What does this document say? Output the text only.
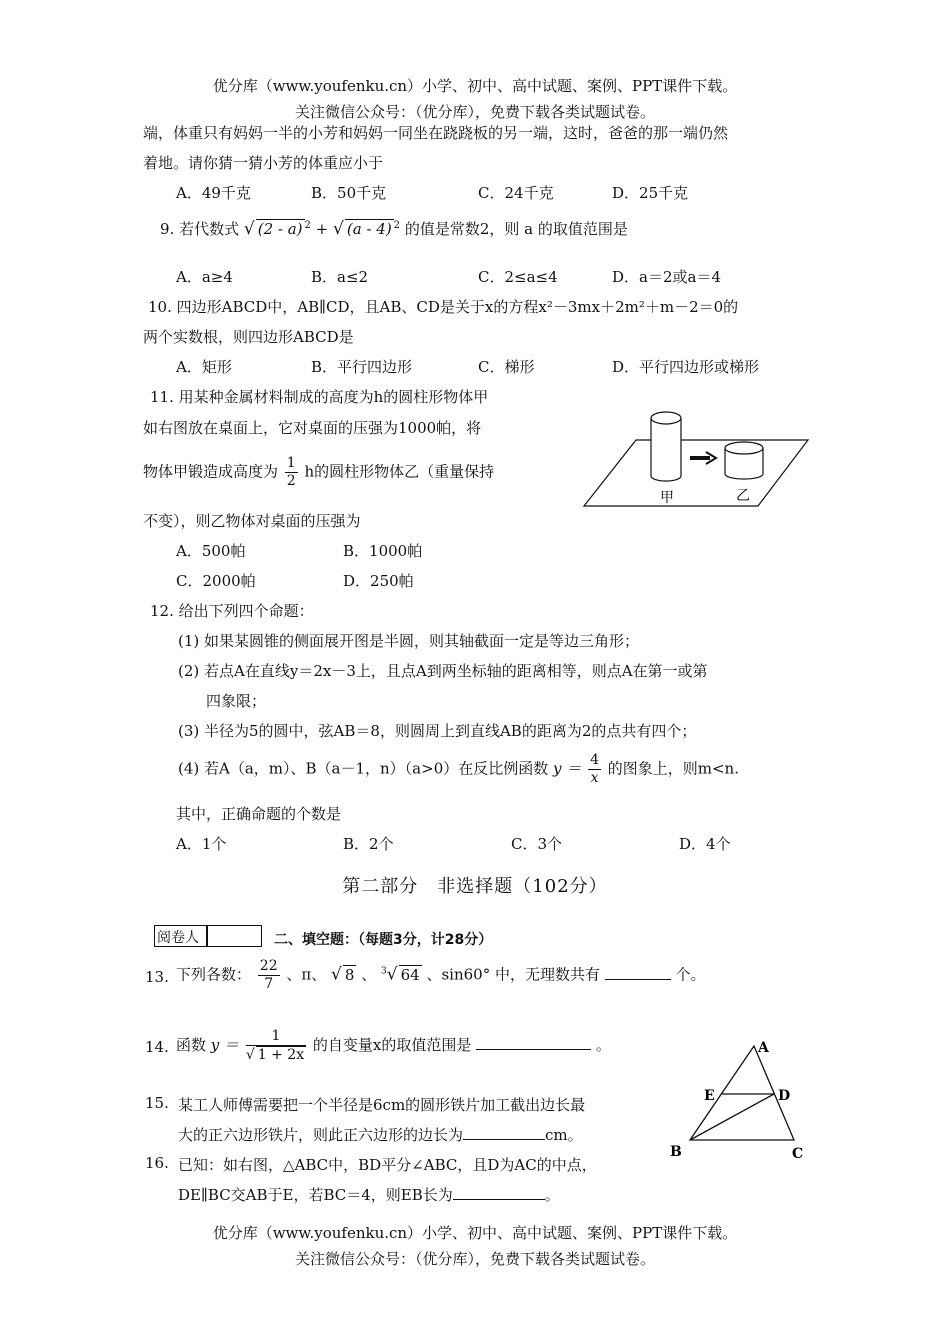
优分库（www.youfenku.cn）小学、初中、高中试题、案例、PPT课件下载。
关注微信公众号：（优分库），免费下载各类试题试卷。
端，体重只有妈妈一半的小芳和妈妈一同坐在跷跷板的另一端，这时，爸爸的那一端仍然
着地。请你猜一猜小芳的体重应小于
A．49千克	B．50千克	C．24千克	D．25千克
9. 若代数式 √ (2 - a) $^2$ + √ (a - 4) $^2$ 的值是常数2，则 a 的取值范围是
A．a≥4	B．a≤2	C．2≤a≤4	D．a＝2或a＝4
10. 四边形ABCD中，AB∥CD，且AB、CD是关于x的方程x²－3mx＋2m²＋m－2＝0的
两个实数根，则四边形ABCD是
A．矩形	B．平行四边形	C．梯形	D．平行四边形或梯形
11. 用某种金属材料制成的高度为h的圆柱形物体甲
如右图放在桌面上，它对桌面的压强为1000帕，将
物体甲锻造成高度为 $\frac{1}{2}$ h的圆柱形物体乙（重量保持
不变），则乙物体对桌面的压强为
A．500帕	B．1000帕
C．2000帕	D．250帕
甲	乙
12. 给出下列四个命题：
(1) 如果某圆锥的侧面展开图是半圆，则其轴截面一定是等边三角形；
(2) 若点A在直线y＝2x－3上，且点A到两坐标轴的距离相等，则点A在第一或第
四象限；
(3) 半径为5的圆中，弦AB＝8，则圆周上到直线AB的距离为2的点共有四个；
(4) 若A（a，m）、B（a－1，n）（a>0）在反比例函数 $y = \frac{4}{x}$ 的图象上，则m<n.
其中，正确命题的个数是
A．1个	B．2个	C．3个	D．4个
第二部分　非选择题（102分）
阅卷人	二、填空题：（每题3分，计28分）
13. 下列各数： $\frac{22}{7}$ 、π、 √ 8 、 $^3$√ 64 、sin60° 中，无理数共有	个。
14. 函数 $y = \frac{1}{√ 1 + 2x}$ 的自变量x的取值范围是	。
15. 某工人师傅需要把一个半径是6cm的圆形铁片加工截出边长最
大的正六边形铁片，则此正六边形的边长为	cm。
16. 已知：如右图，△ABC中，BD平分∠ABC，且D为AC的中点，
DE∥BC交AB于E，若BC＝4，则EB长为	。
A
E	D
B	C
优分库（www.youfenku.cn）小学、初中、高中试题、案例、PPT课件下载。
关注微信公众号：（优分库），免费下载各类试题试卷。
